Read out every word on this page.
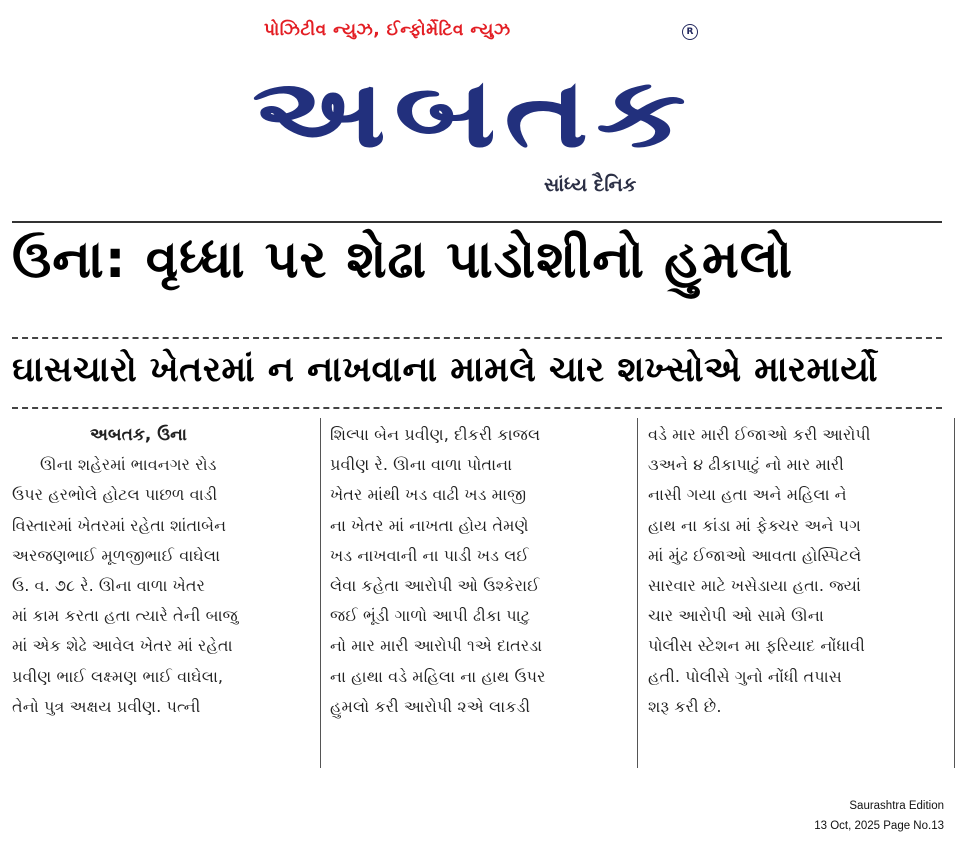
પોઝિટીવ ન્યુઝ, ઈન્ફોર્મેટિવ ન્યુઝ	R
અબતક
સાંધ્ય દૈનિક
ઉના: વૃધ્ધા પર શેઢા પાડોશીનો હુમલો
ઘાસચારો ખેતરમાં ન નાખવાના મામલે ચાર શખ્સોએ મારમાર્યો
અબતક, ઉના
ઊના શહેરમાં ભાવનગર રોડ
ઉપર હરભોલે હોટલ પાછળ વાડી
વિસ્તારમાં ખેતરમાં રહેતા શાંતાબેન
અરજણભાઈ મૂળજીભાઈ વાઘેલા
ઉ. વ. ૭૮ રે. ઊના વાળા ખેતર
માં કામ કરતા હતા ત્યારે તેની બાજુ
માં એક શેઢે આવેલ ખેતર માં રહેતા
પ્રવીણ ભાઈ લક્ષ્મણ ભાઈ વાઘેલા,
તેનો પુત્ર અક્ષય પ્રવીણ. પત્ની
શિલ્પા બેન પ્રવીણ, દીકરી કાજલ
પ્રવીણ રે. ઊના વાળા પોતાના
ખેતર માંથી ખડ વાઢી ખડ માજી
ના ખેતર માં નાખતા હોય તેમણે
ખડ નાખવાની ના પાડી ખડ લઈ
લેવા કહેતા આરોપી ઓ ઉશ્કેરાઈ
જઈ ભૂંડી ગાળો આપી ઢીકા પાટુ
નો માર મારી આરોપી ૧એ દાતરડા
ના હાથા વડે મહિલા ના હાથ ઉપર
હુમલો કરી આરોપી ૨એ લાકડી
વડે માર મારી ઈજાઓ કરી આરોપી
૩અને ૪ ઢીકાપાટું નો માર મારી
નાસી ગયા હતા અને મહિલા ને
હાથ ના કાંડા માં ફેક્ચર અને પગ
માં મુંઢ ઈજાઓ આવતા હોસ્પિટલે
સારવાર માટે ખસેડાયા હતા. જ્યાં
ચાર આરોપી ઓ સામે ઊના
પોલીસ સ્ટેશન મા ફરિયાદ નોંધાવી
હતી. પોલીસે ગુનો નોંધી તપાસ
શરૂ કરી છે.
Saurashtra Edition
13 Oct, 2025 Page No.13
